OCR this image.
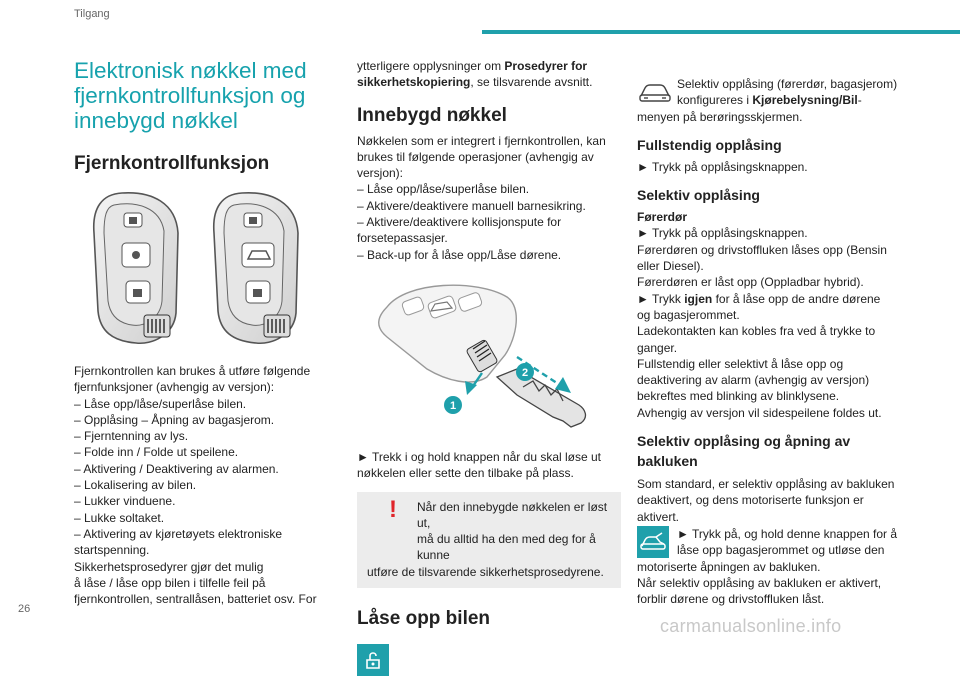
Tilgang
Elektronisk nøkkel med
fjernkontrollfunksjon og
innebygd nøkkel
Fjernkontrollfunksjon
Fjernkontrollen kan brukes å utføre følgende
fjernfunksjoner (avhengig av versjon):
– Låse opp/låse/superlåse bilen.
– Opplåsing – Åpning av bagasjerom.
– Fjerntenning av lys.
– Folde inn / Folde ut speilene.
– Aktivering / Deaktivering av alarmen.
– Lokalisering av bilen.
– Lukker vinduene.
– Lukke soltaket.
– Aktivering av kjøretøyets elektroniske
startspenning.
Sikkerhetsprosedyrer gjør det mulig
å låse / låse opp bilen i tilfelle feil på
fjernkontrollen, sentrallåsen, batteriet osv. For
ytterligere opplysninger om Prosedyrer for
sikkerhetskopiering, se tilsvarende avsnitt.
Innebygd nøkkel
Nøkkelen som er integrert i fjernkontrollen, kan
brukes til følgende operasjoner (avhengig av
versjon):
– Låse opp/låse/superlåse bilen.
– Aktivere/deaktivere manuell barnesikring.
– Aktivere/deaktivere kollisjonspute for
forsetepassasjer.
– Back-up for å låse opp/Låse dørene.
1
2
► Trekk i og hold knappen når du skal løse ut
nøkkelen eller sette den tilbake på plass.
!	Når den innebygde nøkkelen er løst ut,
må du alltid ha den med deg for å kunne
utføre de tilsvarende sikkerhetsprosedyrene.
Låse opp bilen
Selektiv opplåsing (førerdør, bagasjerom)
konfigureres i Kjørebelysning/Bil-
menyen på berøringsskjermen.
Fullstendig opplåsing
► Trykk på opplåsingsknappen.
Selektiv opplåsing
Førerdør
► Trykk på opplåsingsknappen.
Førerdøren og drivstoffluken låses opp (Bensin
eller Diesel).
Førerdøren er låst opp (Oppladbar hybrid).
► Trykk igjen for å låse opp de andre dørene
og bagasjerommet.
Ladekontakten kan kobles fra ved å trykke to
ganger.
Fullstendig eller selektivt å låse opp og
deaktivering av alarm (avhengig av versjon)
bekreftes med blinking av blinklysene.
Avhengig av versjon vil sidespeilene foldes ut.
Selektiv opplåsing og åpning av
bakluken
Som standard, er selektiv opplåsing av bakluken
deaktivert, og dens motoriserte funksjon er
aktivert.
► Trykk på, og hold denne knappen for å
låse opp bagasjerommet og utløse den
motoriserte åpningen av bakluken.
Når selektiv opplåsing av bakluken er aktivert,
forblir dørene og drivstoffluken låst.
26
carmanualsonline.info
